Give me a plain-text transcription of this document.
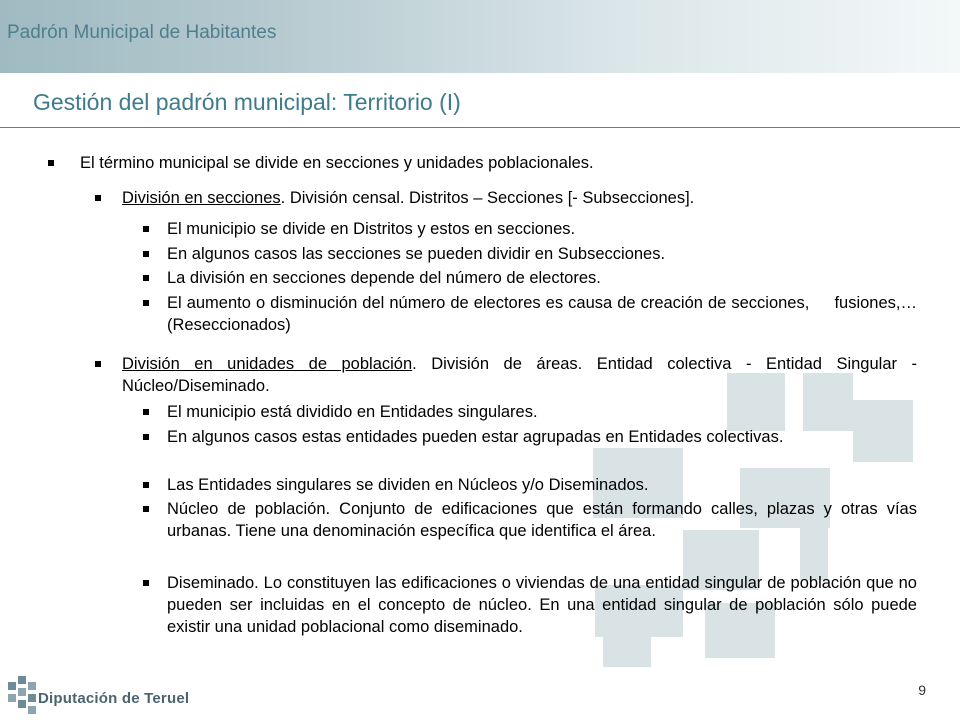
Padrón Municipal de Habitantes
Gestión del padrón municipal: Territorio (I)
El término municipal se divide en secciones y unidades poblacionales.
División en secciones. División censal. Distritos – Secciones [- Subsecciones].
El municipio se divide en Distritos y estos en secciones.
En algunos casos las secciones se pueden dividir en Subsecciones.
La división en secciones depende del número de electores.
El aumento o disminución del número de electores es causa de creación de secciones,     fusiones,… (Reseccionados)
División en unidades de población. División de áreas. Entidad colectiva - Entidad Singular - Núcleo/Diseminado.
El municipio está dividido en Entidades singulares.
En algunos casos estas entidades pueden estar agrupadas en Entidades colectivas.
Las Entidades singulares se dividen en Núcleos y/o Diseminados.
Núcleo de población. Conjunto de edificaciones que están formando calles, plazas y otras vías urbanas. Tiene una denominación específica que identifica el área.
Diseminado. Lo constituyen las edificaciones o viviendas de una entidad singular de población que no pueden ser incluidas en el concepto de núcleo. En una entidad singular de población sólo puede existir una unidad poblacional como diseminado.
Diputación de Teruel	9
